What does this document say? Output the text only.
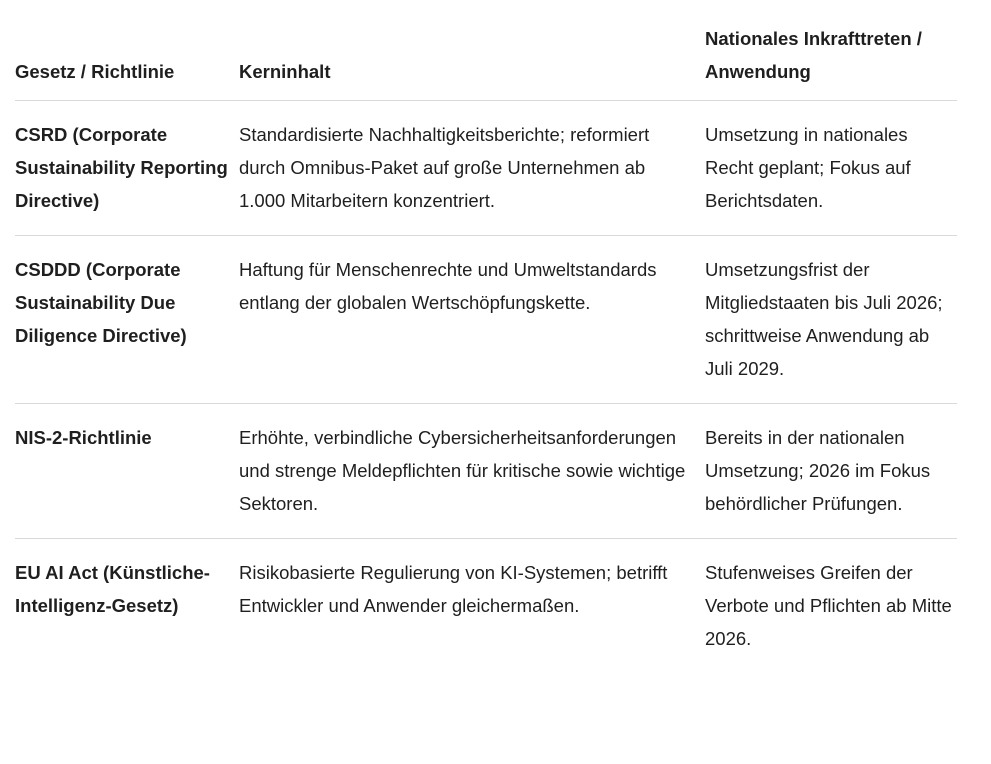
Gesetz / Richtlinie	Kerninhalt	Nationales Inkrafttreten / Anwendung
CSRD (Corporate Sustainability Reporting Directive)	Standardisierte Nachhaltigkeitsberichte; reformiert durch Omnibus-Paket auf große Unternehmen ab 1.000 Mitarbeitern konzentriert.	Umsetzung in nationales Recht geplant; Fokus auf Berichtsdaten.
CSDDD (Corporate Sustainability Due Diligence Directive)	Haftung für Menschenrechte und Umweltstandards entlang der globalen Wertschöpfungskette.	Umsetzungsfrist der Mitgliedstaaten bis Juli 2026; schrittweise Anwendung ab Juli 2029.
NIS-2-Richtlinie	Erhöhte, verbindliche Cybersicherheitsanforderungen und strenge Meldepflichten für kritische sowie wichtige Sektoren.	Bereits in der nationalen Umsetzung; 2026 im Fokus behördlicher Prüfungen.
EU AI Act (Künstliche-Intelligenz-Gesetz)	Risikobasierte Regulierung von KI-Systemen; betrifft Entwickler und Anwender gleichermaßen.	Stufenweises Greifen der Verbote und Pflichten ab Mitte 2026.
